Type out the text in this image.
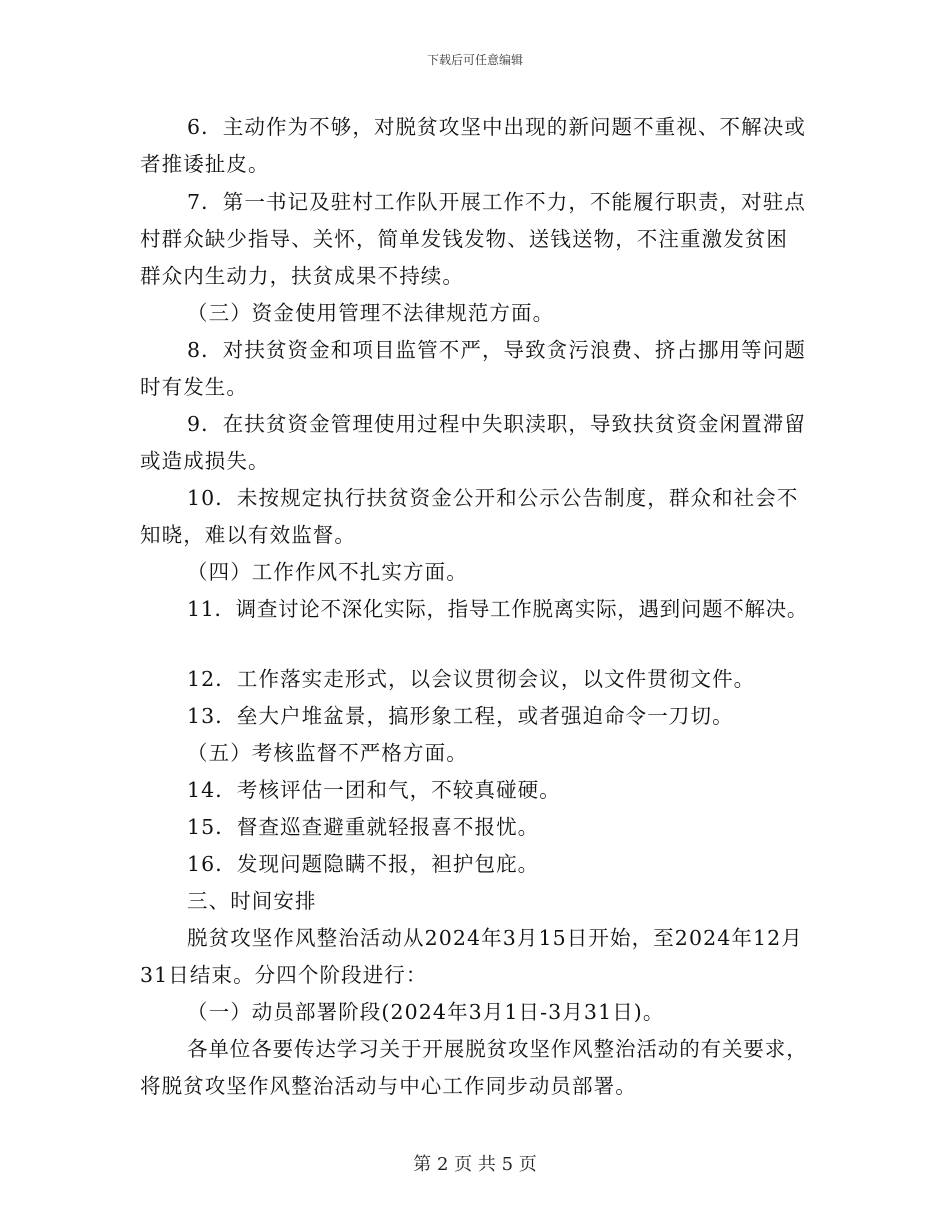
下载后可任意编辑
6．主动作为不够，对脱贫攻坚中出现的新问题不重视、不解决或
者推诿扯皮。
7．第一书记及驻村工作队开展工作不力，不能履行职责，对驻点
村群众缺少指导、关怀，简单发钱发物、送钱送物，不注重激发贫困
群众内生动力，扶贫成果不持续。
（三）资金使用管理不法律规范方面。
8．对扶贫资金和项目监管不严，导致贪污浪费、挤占挪用等问题
时有发生。
9．在扶贫资金管理使用过程中失职渎职，导致扶贫资金闲置滞留
或造成损失。
10．未按规定执行扶贫资金公开和公示公告制度，群众和社会不
知晓，难以有效监督。
（四）工作作风不扎实方面。
11．调查讨论不深化实际，指导工作脱离实际，遇到问题不解决。
12．工作落实走形式，以会议贯彻会议，以文件贯彻文件。
13．垒大户堆盆景，搞形象工程，或者强迫命令一刀切。
（五）考核监督不严格方面。
14．考核评估一团和气，不较真碰硬。
15．督查巡查避重就轻报喜不报忧。
16．发现问题隐瞒不报，袒护包庇。
三、时间安排
脱贫攻坚作风整治活动从2024年3月15日开始，至2024年12月
31日结束。分四个阶段进行：
（一）动员部署阶段(2024年3月1日-3月31日)。
各单位各要传达学习关于开展脱贫攻坚作风整治活动的有关要求，
将脱贫攻坚作风整治活动与中心工作同步动员部署。
第 2 页 共 5 页
